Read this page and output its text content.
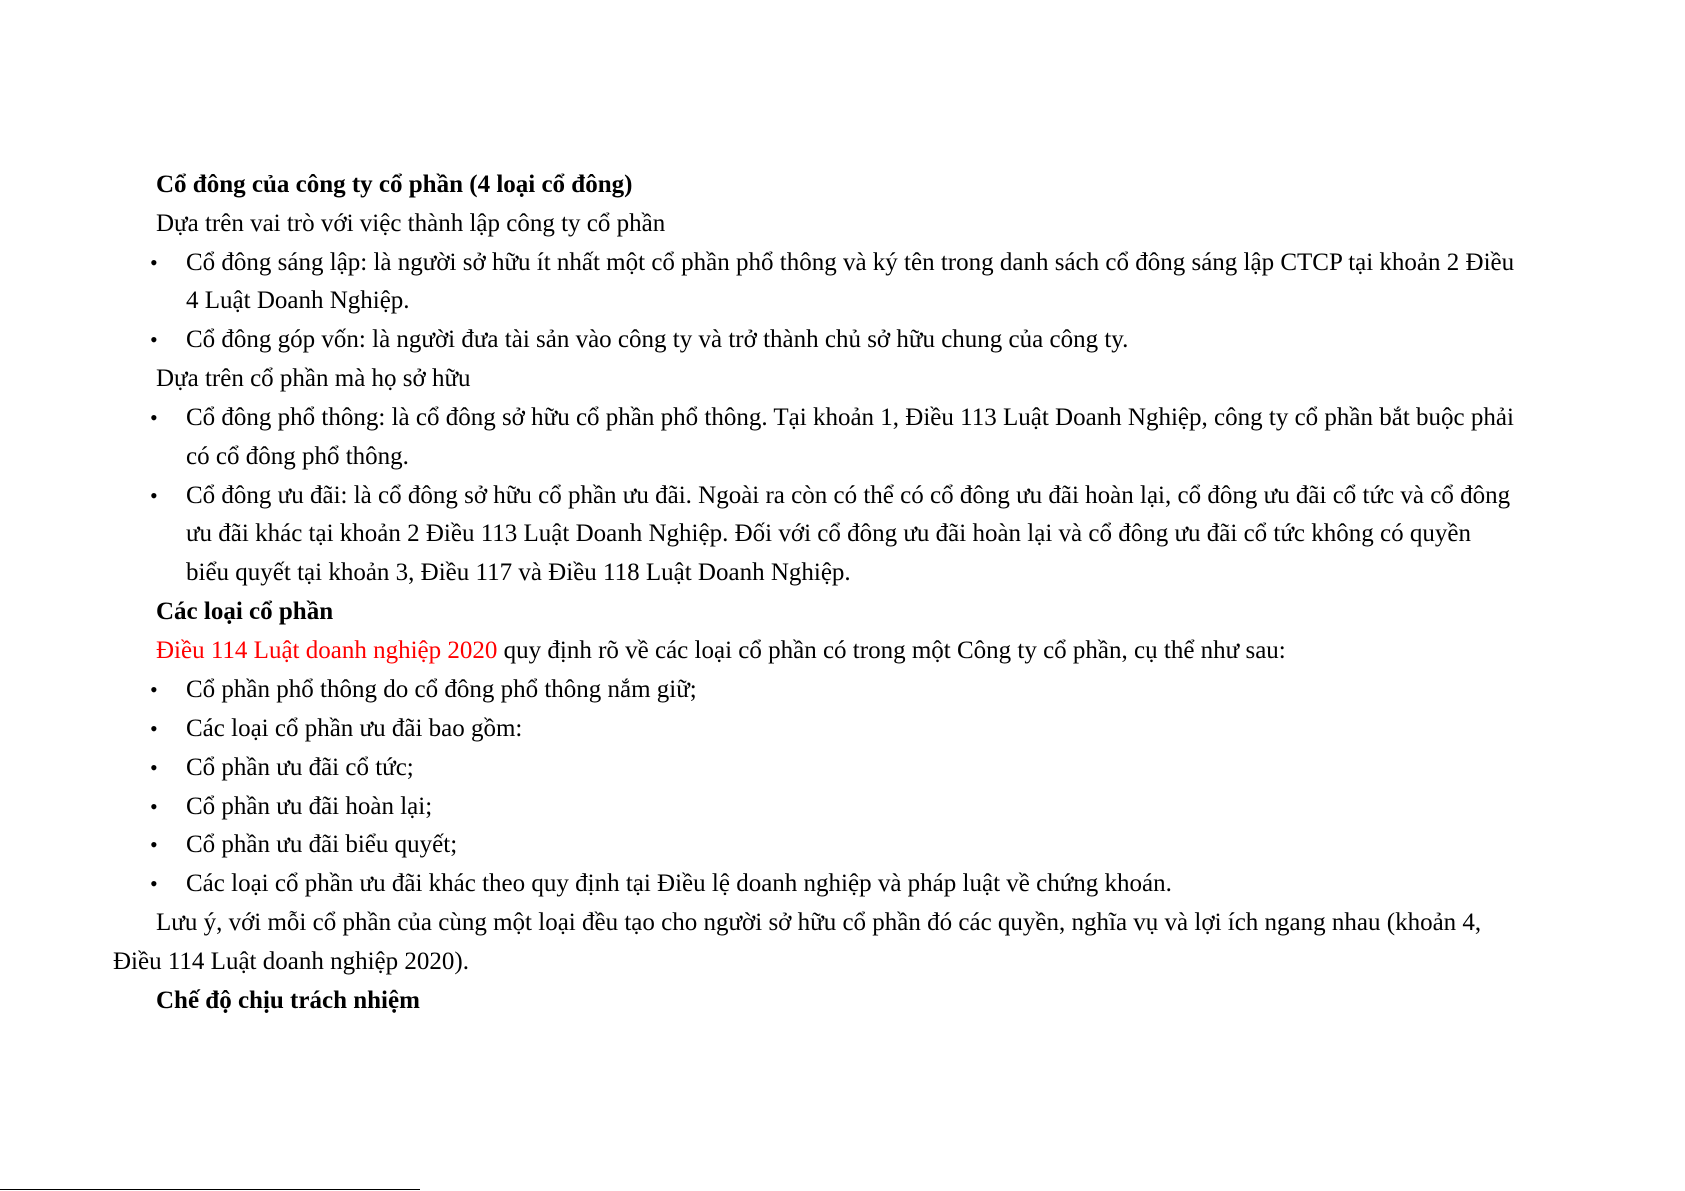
Cổ đông của công ty cổ phần (4 loại cổ đông)
Dựa trên vai trò với việc thành lập công ty cổ phần
• Cổ đông sáng lập: là người sở hữu ít nhất một cổ phần phổ thông và ký tên trong danh sách cổ đông sáng lập CTCP tại khoản 2 Điều
4 Luật Doanh Nghiệp.
• Cổ đông góp vốn: là người đưa tài sản vào công ty và trở thành chủ sở hữu chung của công ty.
Dựa trên cổ phần mà họ sở hữu
• Cổ đông phổ thông: là cổ đông sở hữu cổ phần phổ thông. Tại khoản 1, Điều 113 Luật Doanh Nghiệp, công ty cổ phần bắt buộc phải
có cổ đông phổ thông.
• Cổ đông ưu đãi: là cổ đông sở hữu cổ phần ưu đãi. Ngoài ra còn có thể có cổ đông ưu đãi hoàn lại, cổ đông ưu đãi cổ tức và cổ đông
ưu đãi khác tại khoản 2 Điều 113 Luật Doanh Nghiệp. Đối với cổ đông ưu đãi hoàn lại và cổ đông ưu đãi cổ tức không có quyền
biểu quyết tại khoản 3, Điều 117 và Điều 118 Luật Doanh Nghiệp.
Các loại cổ phần
Điều 114 Luật doanh nghiệp 2020 quy định rõ về các loại cổ phần có trong một Công ty cổ phần, cụ thể như sau:
• Cổ phần phổ thông do cổ đông phổ thông nắm giữ;
• Các loại cổ phần ưu đãi bao gồm:
• Cổ phần ưu đãi cổ tức;
• Cổ phần ưu đãi hoàn lại;
• Cổ phần ưu đãi biểu quyết;
• Các loại cổ phần ưu đãi khác theo quy định tại Điều lệ doanh nghiệp và pháp luật về chứng khoán.
Lưu ý, với mỗi cổ phần của cùng một loại đều tạo cho người sở hữu cổ phần đó các quyền, nghĩa vụ và lợi ích ngang nhau (khoản 4,
Điều 114 Luật doanh nghiệp 2020).
Chế độ chịu trách nhiệm
